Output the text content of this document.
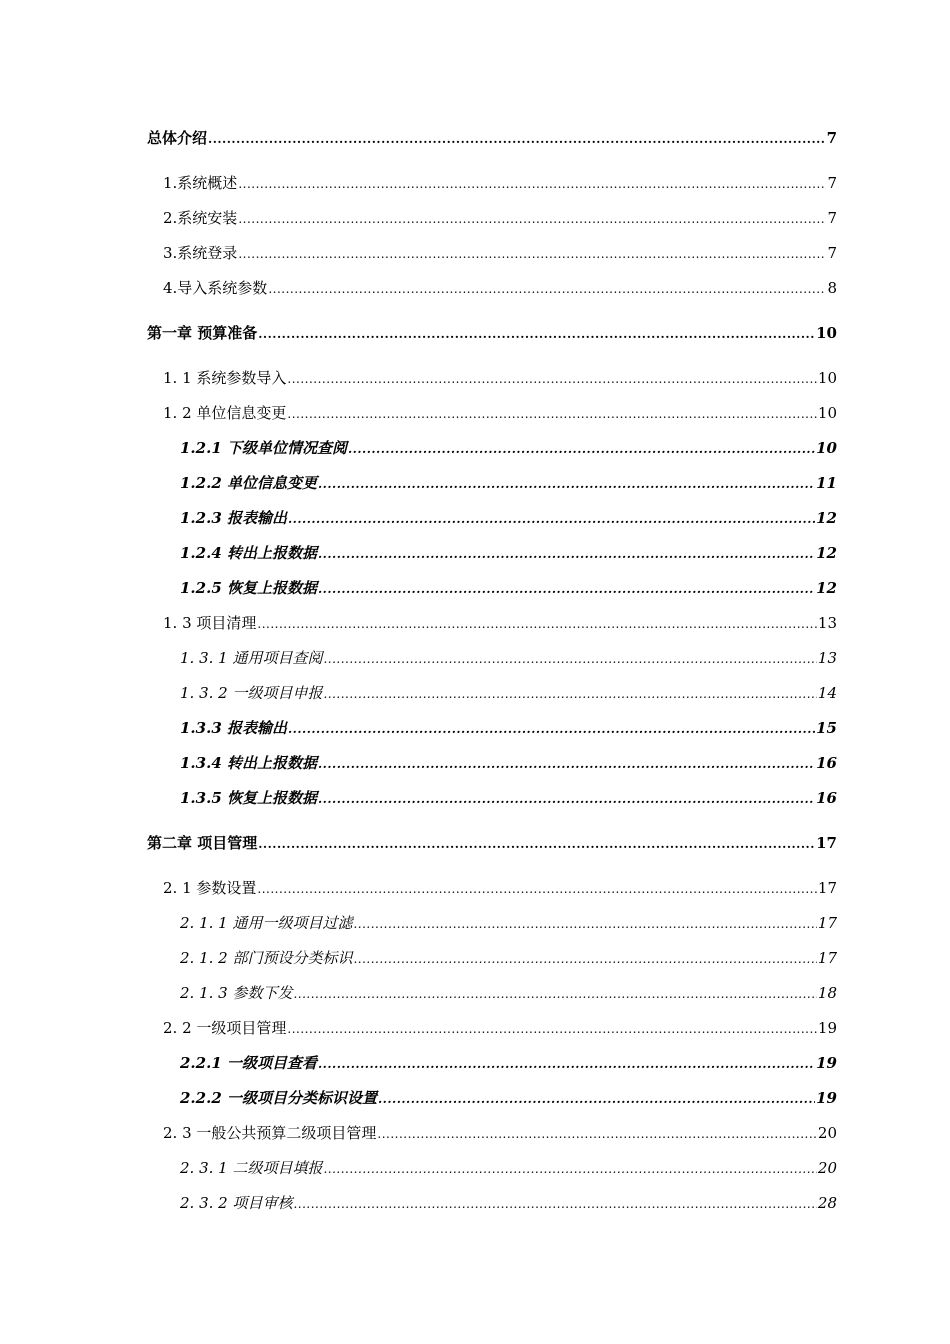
总体介绍 .....	7
1.系统概述 .....	7
2.系统安装 .....	7
3.系统登录 .....	7
4.导入系统参数 .....	8
第一章 预算准备 .....	10
1. 1 系统参数导入 .....	10
1. 2 单位信息变更 .....	10
1.2.1 下级单位情况查阅 .....	10
1.2.2 单位信息变更 .....	11
1.2.3 报表输出 .....	12
1.2.4 转出上报数据 .....	12
1.2.5 恢复上报数据 .....	12
1. 3 项目清理 .....	13
1. 3. 1 通用项目查阅 .....	13
1. 3. 2 一级项目申报 .....	14
1.3.3 报表输出 .....	15
1.3.4 转出上报数据 .....	16
1.3.5 恢复上报数据 .....	16
第二章 项目管理 .....	17
2. 1 参数设置 .....	17
2. 1. 1 通用一级项目过滤 .....	17
2. 1. 2 部门预设分类标识 .....	17
2. 1. 3 参数下发 .....	18
2. 2 一级项目管理 .....	19
2.2.1 一级项目查看 .....	19
2.2.2 一级项目分类标识设置 .....	19
2. 3 一般公共预算二级项目管理 .....	20
2. 3. 1 二级项目填报 .....	20
2. 3. 2 项目审核 .....	28
